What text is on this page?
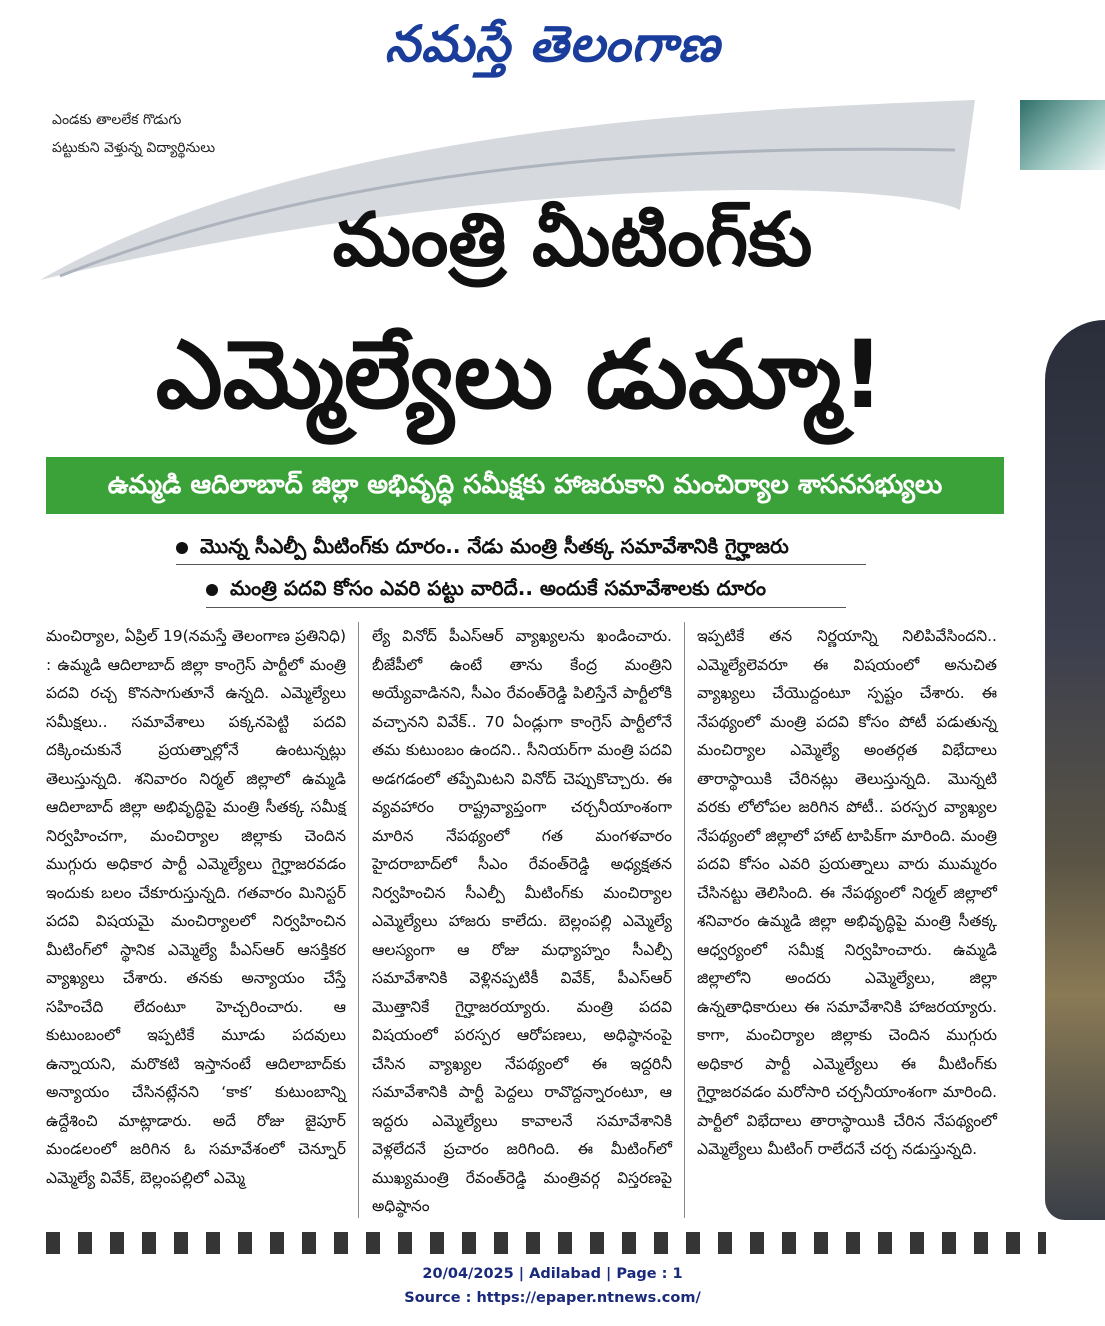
నమస్తే తెలంగాణ
ఎండకు తాలలేక గొడుగు
పట్టుకుని వెళ్తున్న విద్యార్థినులు
మంత్రి మీటింగ్‌కు
ఎమ్మెల్యేలు డుమ్మా!
ఉమ్మడి ఆదిలాబాద్ జిల్లా అభివృద్ధి సమీక్షకు హాజరుకాని మంచిర్యాల శాసనసభ్యులు
మొన్న సీఎల్పీ మీటింగ్‌కు దూరం.. నేడు మంత్రి సీతక్క సమావేశానికి గైర్హాజరు
మంత్రి పదవి కోసం ఎవరి పట్టు వారిదే.. అందుకే సమావేశాలకు దూరం
మంచిర్యాల, ఏప్రిల్ 19(నమస్తే తెలంగాణ ప్రతినిధి) : ఉమ్మడి ఆదిలాబాద్ జిల్లా కాంగ్రెస్ పార్టీలో మంత్రి పదవి రచ్చ కొనసాగుతూనే ఉన్నది. ఎమ్మెల్యేలు సమీక్షలు.. సమావేశాలు పక్కనపెట్టి పదవి దక్కించుకునే ప్రయత్నాల్లోనే ఉంటున్నట్లు తెలుస్తున్నది. శనివారం నిర్మల్ జిల్లాలో ఉమ్మడి ఆదిలాబాద్ జిల్లా అభివృద్ధిపై మంత్రి సీతక్క సమీక్ష నిర్వహించగా, మంచిర్యాల జిల్లాకు చెందిన ముగ్గురు అధికార పార్టీ ఎమ్మెల్యేలు గైర్హాజరవడం ఇందుకు బలం చేకూరుస్తున్నది. గతవారం మినిస్టర్ పదవి విషయమై మంచిర్యాలలో నిర్వహించిన మీటింగ్‌లో స్థానిక ఎమ్మెల్యే పీఎస్ఆర్ ఆసక్తికర వ్యాఖ్యలు చేశారు. తనకు అన్యాయం చేస్తే సహించేది లేదంటూ హెచ్చరించారు. ఆ కుటుంబంలో ఇప్పటికే మూడు పదవులు ఉన్నాయని, మరొకటి ఇస్తానంటే ఆదిలాబాద్‌కు అన్యాయం చేసినట్లేనని ‘కాక’ కుటుంబాన్ని ఉద్దేశించి మాట్లాడారు. అదే రోజు జైపూర్ మండలంలో జరిగిన ఓ సమావేశంలో చెన్నూర్ ఎమ్మెల్యే వివేక్, బెల్లంపల్లిలో ఎమ్మె
ల్యే వినోద్ పీఎస్ఆర్ వ్యాఖ్యలను ఖండించారు. బీజేపీలో ఉంటే తాను కేంద్ర మంత్రిని అయ్యేవాడినని, సీఎం రేవంత్‌రెడ్డి పిలిస్తేనే పార్టీలోకి వచ్చానని వివేక్.. 70 ఏండ్లుగా కాంగ్రెస్ పార్టీలోనే తమ కుటుంబం ఉందని.. సీనియర్‌గా మంత్రి పదవి అడగడంలో తప్పేమిటని వినోద్ చెప్పుకొచ్చారు. ఈ వ్యవహారం రాష్ట్రవ్యాప్తంగా చర్చనీయాంశంగా మారిన నేపథ్యంలో గత మంగళవారం హైదరాబాద్‌లో సీఎం రేవంత్‌రెడ్డి అధ్యక్షతన నిర్వహించిన సీఎల్పీ మీటింగ్‌కు మంచిర్యాల ఎమ్మెల్యేలు హాజరు కాలేదు. బెల్లంపల్లి ఎమ్మెల్యే ఆలస్యంగా ఆ రోజు మధ్యాహ్నం సీఎల్పీ సమావేశానికి వెళ్లినప్పటికీ వివేక్, పీఎస్ఆర్ మొత్తానికే గైర్హాజరయ్యారు. మంత్రి పదవి విషయంలో పరస్పర ఆరోపణలు, అధిష్ఠానంపై చేసిన వ్యాఖ్యల నేపథ్యంలో ఈ ఇద్దరినీ సమావేశానికి పార్టీ పెద్దలు రావొద్దన్నారంటూ, ఆ ఇద్దరు ఎమ్మెల్యేలు కావాలనే సమావేశానికి వెళ్లలేదనే ప్రచారం జరిగింది. ఈ మీటింగ్‌లో ముఖ్యమంత్రి రేవంత్‌రెడ్డి మంత్రివర్గ విస్తరణపై అధిష్ఠానం
ఇప్పటికే తన నిర్ణయాన్ని నిలిపివేసిందని.. ఎమ్మెల్యేలెవరూ ఈ విషయంలో అనుచిత వ్యాఖ్యలు చేయొద్దంటూ స్పష్టం చేశారు. ఈ నేపథ్యంలో మంత్రి పదవి కోసం పోటీ పడుతున్న మంచిర్యాల ఎమ్మెల్యే అంతర్గత విభేదాలు తారాస్థాయికి చేరినట్లు తెలుస్తున్నది. మొన్నటి వరకు లోలోపల జరిగిన పోటీ.. పరస్పర వ్యాఖ్యల నేపథ్యంలో జిల్లాలో హాట్ టాపిక్‌గా మారింది. మంత్రి పదవి కోసం ఎవరి ప్రయత్నాలు వారు ముమ్మరం చేసినట్టు తెలిసింది. ఈ నేపథ్యంలో నిర్మల్ జిల్లాలో శనివారం ఉమ్మడి జిల్లా అభివృద్ధిపై మంత్రి సీతక్క ఆధ్వర్యంలో సమీక్ష నిర్వహించారు. ఉమ్మడి జిల్లాలోని అందరు ఎమ్మెల్యేలు, జిల్లా ఉన్నతాధికారులు ఈ సమావేశానికి హాజరయ్యారు. కాగా, మంచిర్యాల జిల్లాకు చెందిన ముగ్గురు అధికార పార్టీ ఎమ్మెల్యేలు ఈ మీటింగ్‌కు గైర్హాజరవడం మరోసారి చర్చనీయాంశంగా మారింది. పార్టీలో విభేదాలు తారాస్థాయికి చేరిన నేపథ్యంలో ఎమ్మెల్యేలు మీటింగ్ రాలేదనే చర్చ నడుస్తున్నది.
20/04/2025 | Adilabad | Page : 1
Source : https://epaper.ntnews.com/
